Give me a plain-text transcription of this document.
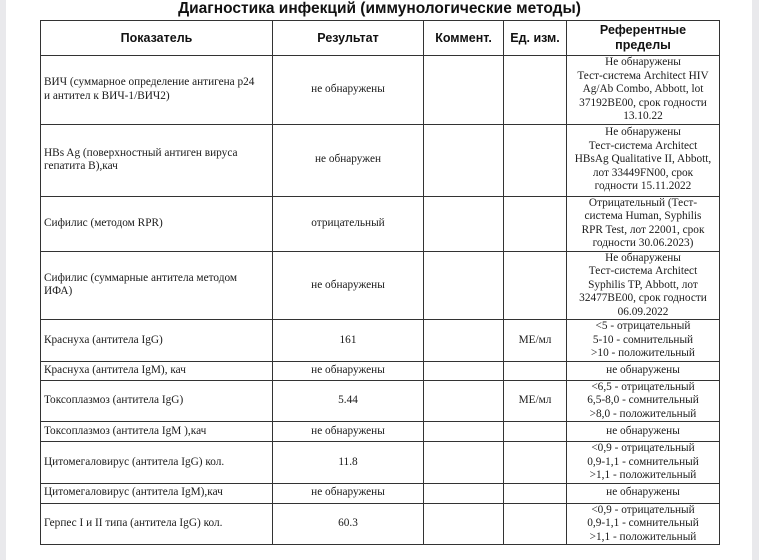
Диагностика инфекций (иммунологические методы)
Показатель	Результат	Коммент.	Ед. изм.	Референтные
пределы

ВИЧ (суммарное определение антигена р24
и антител к ВИЧ-1/ВИЧ2)	не обнаружены			Не обнаружены
Тест-система Architect HIV
Ag/Ab Combo, Abbott, lot
37192BE00, срок годности
13.10.22

HBs Ag (поверхностный антиген вируса
гепатита В),кач	не обнаружен			Не обнаружены
Тест-система Architect
HBsAg Qualitative II, Abbott,
лот 33449FN00, срок
годности 15.11.2022

Сифилис (методом RPR)	отрицательный			Отрицательный (Тест-
система Human, Syphilis
RPR Test, лот 22001, срок
годности 30.06.2023)

Сифилис (суммарные антитела методом
ИФА)	не обнаружены			Не обнаружены
Тест-система Architect
Syphilis TP, Abbott, лот
32477BE00, срок годности
06.09.2022

Краснуха (антитела IgG)	161		МЕ/мл	<5 - отрицательный
5-10 - сомнительный
>10 - положительный

Краснуха (антитела IgM), кач	не обнаружены			не обнаружены

Токсоплазмоз (антитела IgG)	5.44		МЕ/мл	<6,5 - отрицательный
6,5-8,0 - сомнительный
>8,0 - положительный

Токсоплазмоз (антитела IgM ),кач	не обнаружены			не обнаружены

Цитомегаловирус (антитела IgG) кол.	11.8			<0,9 - отрицательный
0,9-1,1 - сомнительный
>1,1 - положительный

Цитомегаловирус (антитела IgM),кач	не обнаружены			не обнаружены

Герпес I и II типа (антитела IgG) кол.	60.3			<0,9 - отрицательный
0,9-1,1 - сомнительный
>1,1 - положительный
